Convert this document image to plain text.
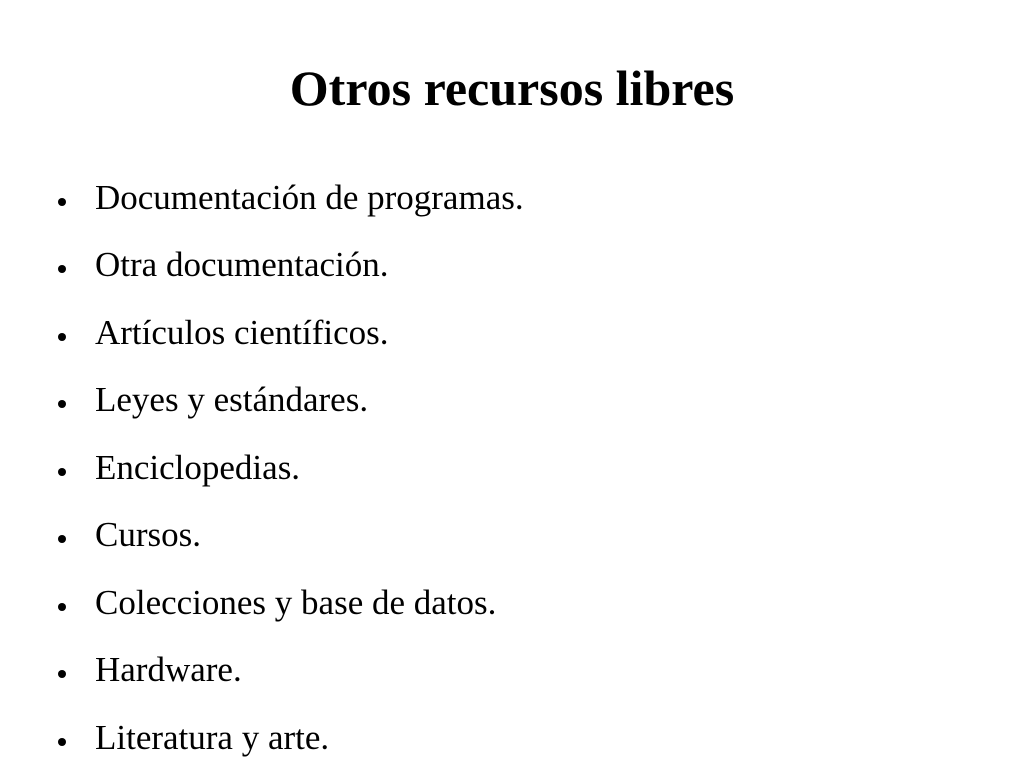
Otros recursos libres
Documentación de programas.
Otra documentación.
Artículos científicos.
Leyes y estándares.
Enciclopedias.
Cursos.
Colecciones y base de datos.
Hardware.
Literatura y arte.
